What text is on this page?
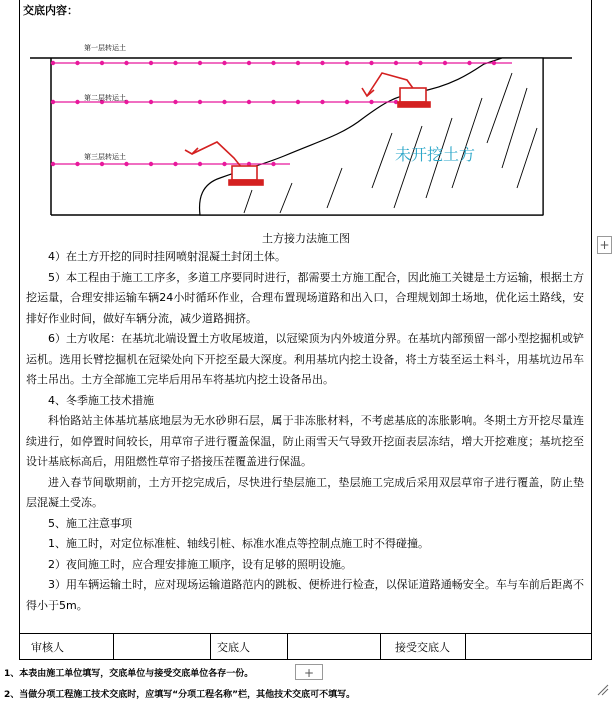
交底内容：
第一层转运土
第二层转运土
第三层转运土	未开挖土方
土方接力法施工图

4）在土方开挖的同时挂网喷射混凝土封闭土体。

5）本工程由于施工工序多，多道工序要同时进行，都需要土方施工配合，因此施工关键是土方运输，根据土方挖运量，合理安排运输车辆24小时循环作业，合理布置现场道路和出入口，合理规划卸土场地，优化运土路线，安排好作业时间，做好车辆分流，减少道路拥挤。

6）土方收尾：在基坑北端设置土方收尾坡道，以冠梁顶为内外坡道分界。在基坑内部预留一部小型挖掘机或铲运机。选用长臂挖掘机在冠梁处向下开挖至最大深度。利用基坑内挖土设备，将土方装至运土料斗，用基坑边吊车将土吊出。土方全部施工完毕后用吊车将基坑内挖土设备吊出。

4、冬季施工技术措施

科怡路站主体基坑基底地层为无水砂卵石层，属于非冻胀材料，不考虑基底的冻胀影响。冬期土方开挖尽量连续进行，如停置时间较长，用草帘子进行覆盖保温，防止雨雪天气导致开挖面表层冻结，增大开挖难度；基坑挖至设计基底标高后，用阻燃性草帘子搭接压茬覆盖进行保温。

进入春节间歇期前，土方开挖完成后，尽快进行垫层施工，垫层施工完成后采用双层草帘子进行覆盖，防止垫层混凝土受冻。

5、施工注意事项

1、施工时，对定位标准桩、轴线引桩、标准水准点等控制点施工时不得碰撞。

2）夜间施工时，应合理安排施工顺序，设有足够的照明设施。

3）用车辆运输土时，应对现场运输道路范内的跳板、便桥进行检查，以保证道路通畅安全。车与车前后距离不得小于5m。

审核人	交底人	接受交底人
1、本表由施工单位填写，交底单位与接受交底单位各存一份。
2、当做分项工程施工技术交底时，应填写“分项工程名称”栏，其他技术交底可不填写。
+
+
